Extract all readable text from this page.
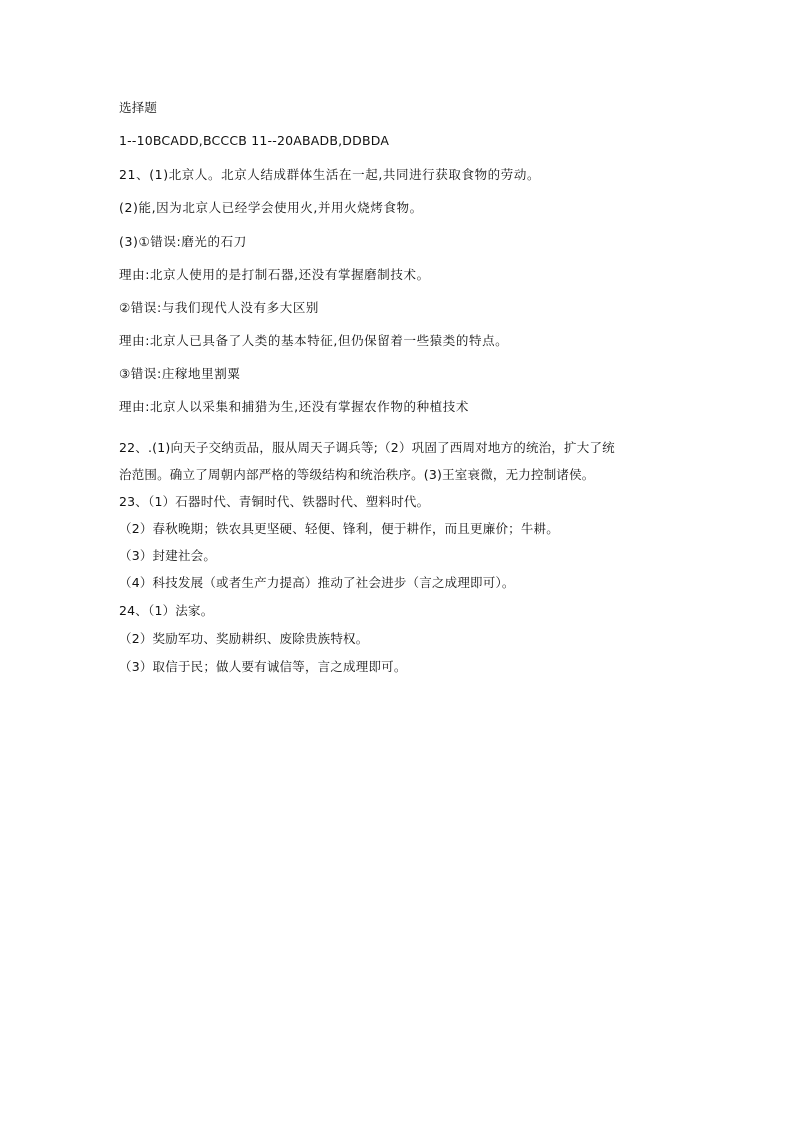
选择题
1--10BCADD,BCCCB 11--20ABADB,DDBDA
21、(1)北京人。北京人结成群体生活在一起,共同进行获取食物的劳动。
(2)能,因为北京人已经学会使用火,并用火烧烤食物。
(3)①错误:磨光的石刀
理由:北京人使用的是打制石器,还没有掌握磨制技术。
②错误:与我们现代人没有多大区别
理由:北京人已具备了人类的基本特征,但仍保留着一些猿类的特点。
③错误:庄稼地里割粟
理由:北京人以采集和捕猎为生,还没有掌握农作物的种植技术
22、.(1)向天子交纳贡品，服从周天子调兵等;（2）巩固了西周对地方的统治，扩大了统
治范围。确立了周朝内部严格的等级结构和统治秩序。(3)王室衰微，无力控制诸侯。
23、（1）石器时代、青铜时代、铁器时代、塑料时代。
（2）春秋晚期；铁农具更坚硬、轻便、锋利，便于耕作，而且更廉价；牛耕。
（3）封建社会。
（4）科技发展（或者生产力提高）推动了社会进步（言之成理即可）。
24、（1）法家。
（2）奖励军功、奖励耕织、废除贵族特权。
（3）取信于民；做人要有诚信等，言之成理即可。
